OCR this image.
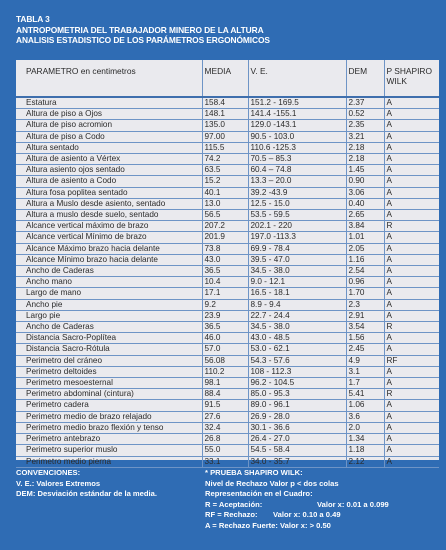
TABLA 3
ANTROPOMETRIA DEL TRABAJADOR MINERO DE LA ALTURA
ANALISIS ESTADISTICO DE LOS PARÁMETROS ERGONÓMICOS
PARAMETRO en centimetros	MEDIA	V. E.	DEM	P SHAPIRO
WILK

Estatura	158.4	151.2 - 169.5	2.37	A
Altura de piso a Ojos	148.1	141.4 -155.1	0.52	A
Altura de piso acromion	135.0	129.0 -143.1	2.35	A
Altura de piso a Codo	97.00	90.5 - 103.0	3.21	A
Altura sentado	115.5	110.6 -125.3	2.18	A
Altura de asiento a Vértex	74.2	70.5 – 85.3	2.18	A
Altura asiento ojos sentado	63.5	60.4 – 74.8	1.45	A
Altura de asiento a Codo	15.2	13.3 – 20.0	0.90	A
Altura fosa poplitea sentado	40.1	39.2 -43.9	3.06	A
Altura a Muslo desde asiento, sentado	13.0	12.5 - 15.0	0.40	A
Altura a muslo desde suelo, sentado	56.5	53.5 - 59.5	2.65	A
Alcance vertical máximo de brazo	207.2	202.1 - 220	3.84	R
Alcance vertical Mínimo de brazo	201.9	197.0 -113.3	1.01	A
Alcance Máximo brazo hacia delante	73.8	69.9 - 78.4	2.05	A
Alcance Mínimo brazo hacia delante	43.0	39.5 - 47.0	1.16	A
Ancho de Caderas	36.5	34.5 - 38.0	2.54	A
Ancho mano	10.4	9.0 - 12.1	0.96	A
Largo de mano	17.1	16.5 - 18.1	1.70	A
Ancho pie	9.2	8.9 - 9.4	2.3	A
Largo pie	23.9	22.7 - 24.4	2.91	A
Ancho de Caderas	36.5	34.5 - 38.0	3.54	R
Distancia Sacro-Poplítea	46.0	43.0 - 48.5	1.56	A
Distancia Sacro-Rótula	57.0	53.0 - 62.1	2.45	A
Perimetro del cráneo	56.08	54.3 - 57.6	4.9	RF
Perimetro deltoides	110.2	108 - 112.3	3.1	A
Perimetro mesoesternal	98.1	96.2 - 104.5	1.7	A
Perimetro abdominal (cintura)	88.4	85.0 - 95.3	5.41	R
Perimetro cadera	91.5	89.0 - 96.1	1.06	A
Perimetro medio de brazo relajado	27.6	26.9 - 28.0	3.6	A
Perimetro medio brazo flexión y tenso	32.4	30.1 - 36.6	2.0	A
Perimetro antebrazo	26.8	26.4 - 27.0	1.34	A
Perimetro superior muslo	55.0	54.5 - 58.4	1.18	A
Perimetro medio pierna	33.1	34.0 - 35.7	2.12	A
CONVENCIONES:
V. E.: Valores Extremos
DEM: Desviación estándar de la media.
* PRUEBA SHAPIRO WILK:
Nivel de Rechazo Valor p < dos colas
Representación en el Cuadro:
R = Aceptación:	Valor x: 0.01 a 0.099
RF = Rechazo: Valor x: 0.10 a 0.49
A = Rechazo Fuerte: Valor x: > 0.50
